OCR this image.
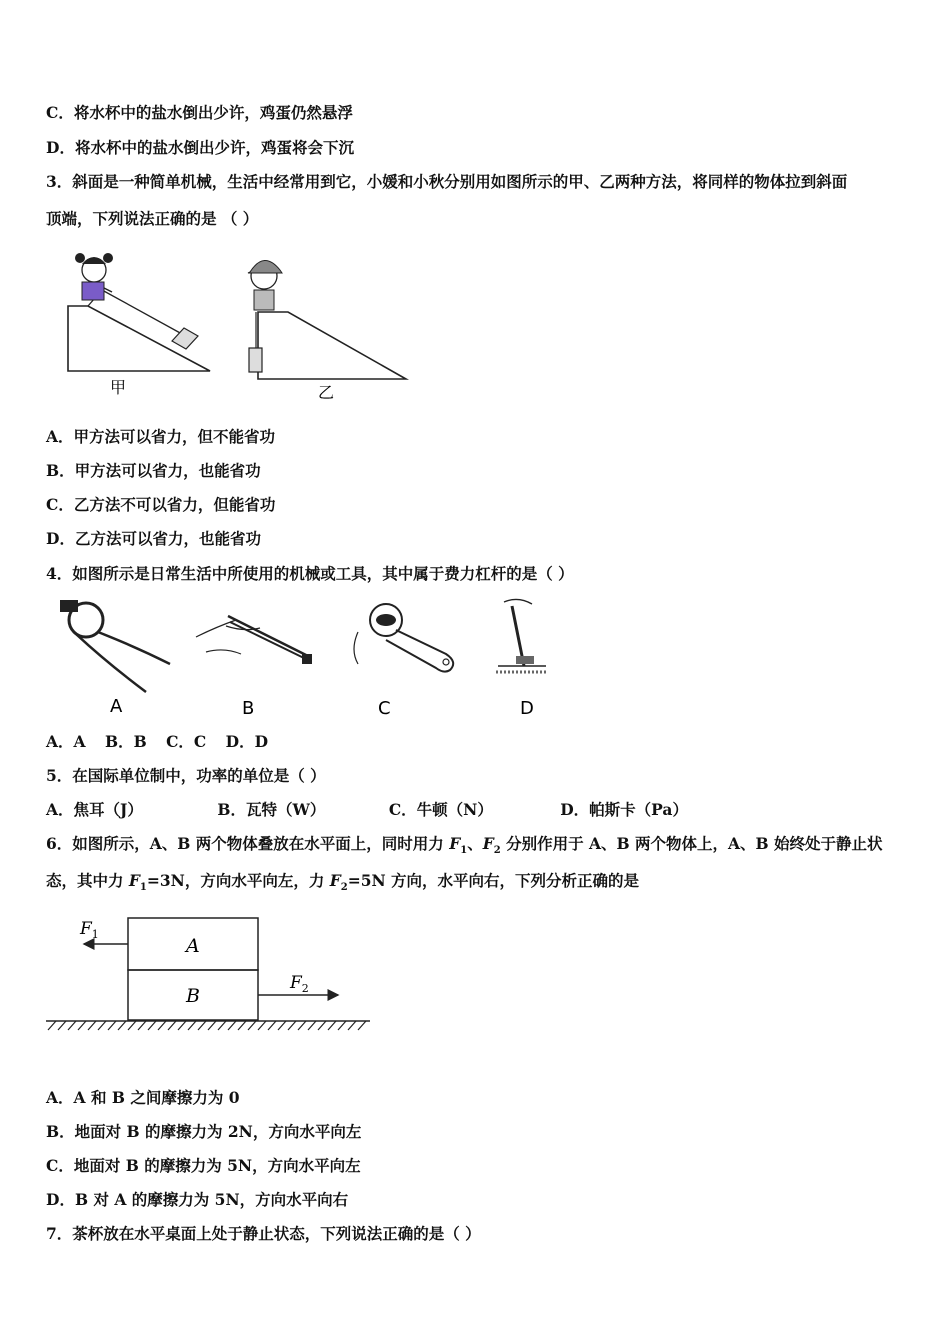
C．将水杯中的盐水倒出少许，鸡蛋仍然悬浮
D．将水杯中的盐水倒出少许，鸡蛋将会下沉
3．斜面是一种简单机械，生活中经常用到它，小媛和小秋分别用如图所示的甲、乙两种方法，将同样的物体拉到斜面
顶端，下列说法正确的是 （ ）
甲	乙
A．甲方法可以省力，但不能省功
B．甲方法可以省力，也能省功
C．乙方法不可以省力，但能省功
D．乙方法可以省力，也能省功
4．如图所示是日常生活中所使用的机械或工具，其中属于费力杠杆的是（ ）
A	B	C	D
A．A B．B C．C D．D
5．在国际单位制中，功率的单位是（ ）
A．焦耳（J）	B．瓦特（W）	C．牛顿（N）	D．帕斯卡（Pa）
6．如图所示，A、B 两个物体叠放在水平面上，同时用力 $F_1$、$F_2$ 分别作用于 A、B 两个物体上，A、B 始终处于静止状
态，其中力 $F_1=3N$，方向水平向左，力 $F_2=5N$ 方向，水平向右，下列分析正确的是
A
B
$F_1$
$F_2$
A．A 和 B 之间摩擦力为 0
B．地面对 B 的摩擦力为 2N，方向水平向左
C．地面对 B 的摩擦力为 5N，方向水平向左
D．B 对 A 的摩擦力为 5N，方向水平向右
7．茶杯放在水平桌面上处于静止状态，下列说法正确的是（ ）
